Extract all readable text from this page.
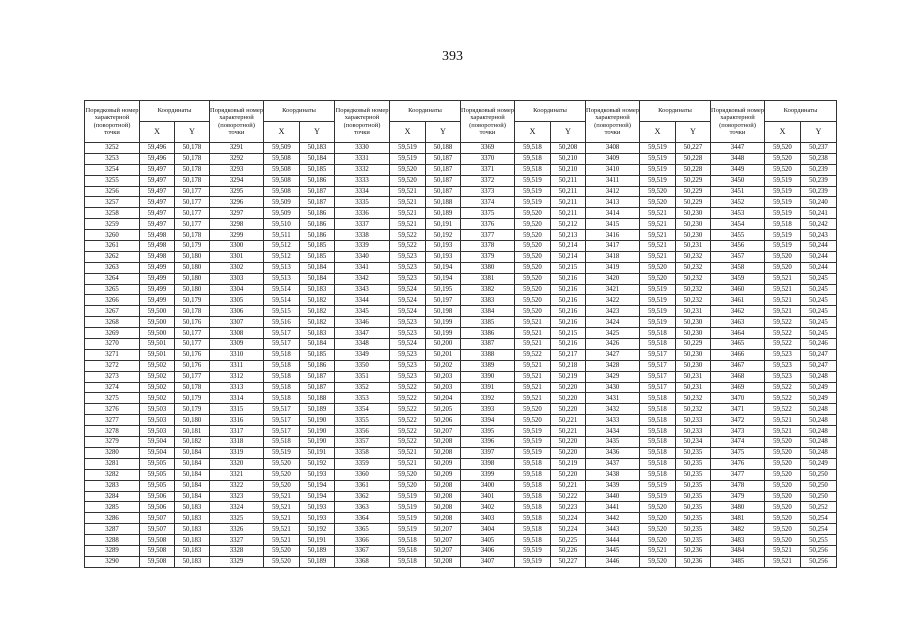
393
Порядковый номер характерной (поворотной) точки	Координаты		Порядковый номер характерной (поворотной) точки	Координаты		Порядковый номер характерной (поворотной) точки	Координаты		Порядковый номер характерной (поворотной) точки	Координаты		Порядковый номер характерной (поворотной) точки	Координаты		Порядковый номер характерной (поворотной) точки	Координаты	
	X	Y		X	Y		X	Y		X	Y		X	Y		X	Y
3252	59,496	50,178	3291	59,509	50,183	3330	59,519	50,188	3369	59,518	50,208	3408	59,519	50,227	3447	59,520	50,237
3253	59,496	50,178	3292	59,508	50,184	3331	59,519	50,187	3370	59,518	50,210	3409	59,519	50,228	3448	59,520	50,238
3254	59,497	50,178	3293	59,508	50,185	3332	59,520	50,187	3371	59,518	50,210	3410	59,519	50,228	3449	59,520	50,239
3255	59,497	50,178	3294	59,508	50,186	3333	59,520	50,187	3372	59,519	50,211	3411	59,519	50,229	3450	59,519	50,239
3256	59,497	50,177	3295	59,508	50,187	3334	59,521	50,187	3373	59,519	50,211	3412	59,520	50,229	3451	59,519	50,239
3257	59,497	50,177	3296	59,509	50,187	3335	59,521	50,188	3374	59,519	50,211	3413	59,520	50,229	3452	59,519	50,240
3258	59,497	50,177	3297	59,509	50,186	3336	59,521	50,189	3375	59,520	50,211	3414	59,521	50,230	3453	59,519	50,241
3259	59,497	50,177	3298	59,510	50,186	3337	59,521	50,191	3376	59,520	50,212	3415	59,521	50,230	3454	59,518	50,242
3260	59,498	50,178	3299	59,511	50,186	3338	59,522	50,192	3377	59,520	50,213	3416	59,521	50,230	3455	59,519	50,243
3261	59,498	50,179	3300	59,512	50,185	3339	59,522	50,193	3378	59,520	50,214	3417	59,521	50,231	3456	59,519	50,244
3262	59,498	50,180	3301	59,512	50,185	3340	59,523	50,193	3379	59,520	50,214	3418	59,521	50,232	3457	59,520	50,244
3263	59,499	50,180	3302	59,513	50,184	3341	59,523	50,194	3380	59,520	50,215	3419	59,520	50,232	3458	59,520	50,244
3264	59,499	50,180	3303	59,513	50,184	3342	59,523	50,194	3381	59,520	50,216	3420	59,520	50,232	3459	59,521	50,245
3265	59,499	50,180	3304	59,514	50,183	3343	59,524	50,195	3382	59,520	50,216	3421	59,519	50,232	3460	59,521	50,245
3266	59,499	50,179	3305	59,514	50,182	3344	59,524	50,197	3383	59,520	50,216	3422	59,519	50,232	3461	59,521	50,245
3267	59,500	50,178	3306	59,515	50,182	3345	59,524	50,198	3384	59,520	50,216	3423	59,519	50,231	3462	59,521	50,245
3268	59,500	50,176	3307	59,516	50,182	3346	59,523	50,199	3385	59,521	50,216	3424	59,519	50,230	3463	59,522	50,245
3269	59,500	50,177	3308	59,517	50,183	3347	59,523	50,199	3386	59,521	50,215	3425	59,518	50,230	3464	59,522	50,245
3270	59,501	50,177	3309	59,517	50,184	3348	59,524	50,200	3387	59,521	50,216	3426	59,518	50,229	3465	59,522	50,246
3271	59,501	50,176	3310	59,518	50,185	3349	59,523	50,201	3388	59,522	50,217	3427	59,517	50,230	3466	59,523	50,247
3272	59,502	50,176	3311	59,518	50,186	3350	59,523	50,202	3389	59,521	50,218	3428	59,517	50,230	3467	59,523	50,247
3273	59,502	50,177	3312	59,518	50,187	3351	59,523	50,203	3390	59,521	50,219	3429	59,517	50,231	3468	59,523	50,248
3274	59,502	50,178	3313	59,518	50,187	3352	59,522	50,203	3391	59,521	50,220	3430	59,517	50,231	3469	59,522	50,249
3275	59,502	50,179	3314	59,518	50,188	3353	59,522	50,204	3392	59,521	50,220	3431	59,518	50,232	3470	59,522	50,249
3276	59,503	50,179	3315	59,517	50,189	3354	59,522	50,205	3393	59,520	50,220	3432	59,518	50,232	3471	59,522	50,248
3277	59,503	50,180	3316	59,517	50,190	3355	59,522	50,206	3394	59,520	50,221	3433	59,518	50,233	3472	59,521	50,248
3278	59,503	50,181	3317	59,517	50,190	3356	59,522	50,207	3395	59,519	50,221	3434	59,518	50,233	3473	59,521	50,248
3279	59,504	50,182	3318	59,518	50,190	3357	59,522	50,208	3396	59,519	50,220	3435	59,518	50,234	3474	59,520	50,248
3280	59,504	50,184	3319	59,519	50,191	3358	59,521	50,208	3397	59,519	50,220	3436	59,518	50,235	3475	59,520	50,248
3281	59,505	50,184	3320	59,520	50,192	3359	59,521	50,209	3398	59,518	50,219	3437	59,518	50,235	3476	59,520	50,249
3282	59,505	50,184	3321	59,520	50,193	3360	59,520	50,209	3399	59,518	50,220	3438	59,518	50,235	3477	59,520	50,250
3283	59,505	50,184	3322	59,520	50,194	3361	59,520	50,208	3400	59,518	50,221	3439	59,519	50,235	3478	59,520	50,250
3284	59,506	50,184	3323	59,521	50,194	3362	59,519	50,208	3401	59,518	50,222	3440	59,519	50,235	3479	59,520	50,250
3285	59,506	50,183	3324	59,521	50,193	3363	59,519	50,208	3402	59,518	50,223	3441	59,520	50,235	3480	59,520	50,252
3286	59,507	50,183	3325	59,521	50,193	3364	59,519	50,208	3403	59,518	50,224	3442	59,520	50,235	3481	59,520	50,254
3287	59,507	50,183	3326	59,521	50,192	3365	59,519	50,207	3404	59,518	50,224	3443	59,520	50,235	3482	59,520	50,254
3288	59,508	50,183	3327	59,521	50,191	3366	59,518	50,207	3405	59,518	50,225	3444	59,520	50,235	3483	59,520	50,255
3289	59,508	50,183	3328	59,520	50,189	3367	59,518	50,207	3406	59,519	50,226	3445	59,521	50,236	3484	59,521	50,256
3290	59,508	50,183	3329	59,520	50,189	3368	59,518	50,208	3407	59,519	50,227	3446	59,520	50,236	3485	59,521	50,256
